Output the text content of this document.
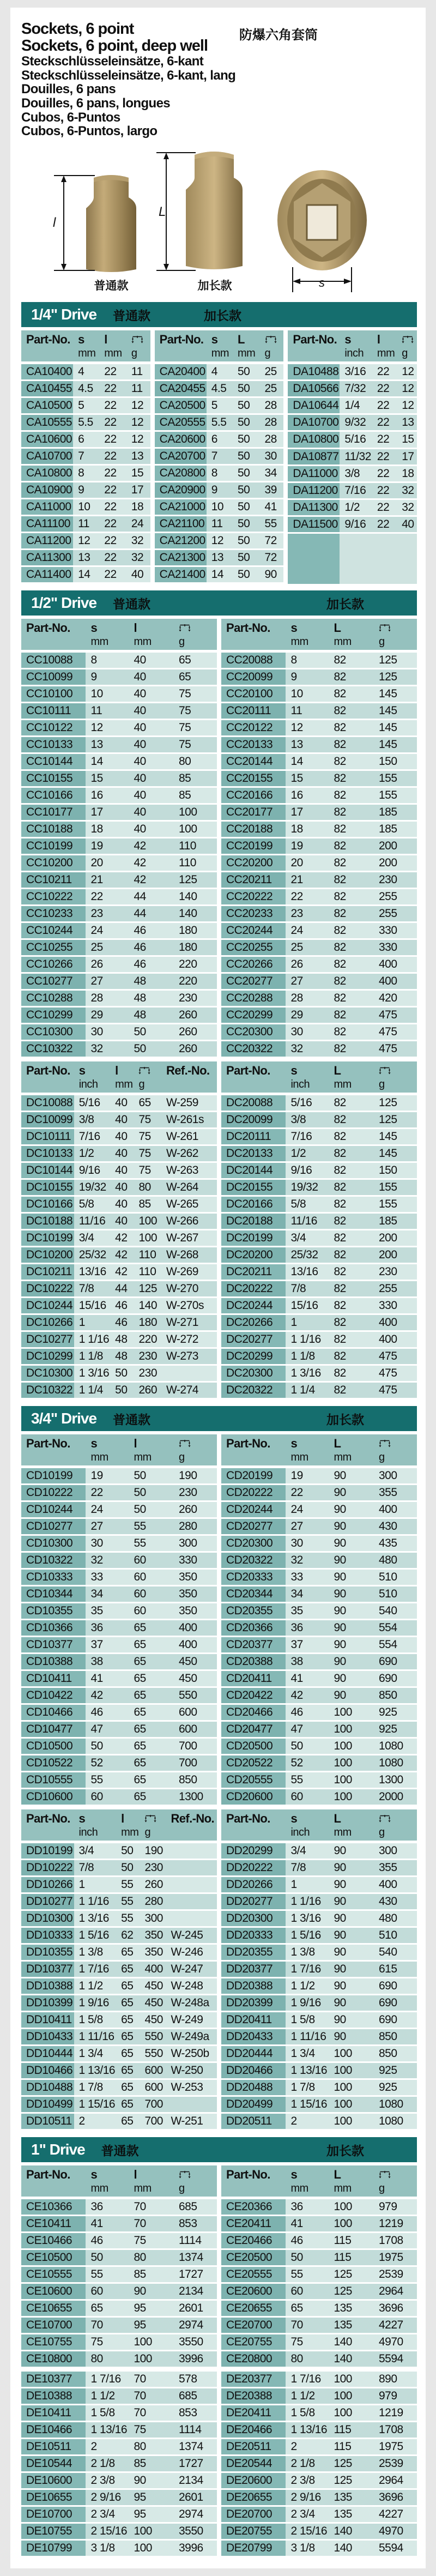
Sockets, 6 point
Sockets, 6 point, deep well
Steckschlüsseleinsätze, 6-kant
Steckschlüsseleinsätze, 6-kant, lang
Douilles, 6 pans
Douilles, 6 pans, longues
Cubos, 6-Puntos
Cubos, 6-Puntos, largo
防爆六角套筒
l
L
s
普通款	加长款
1/4" Drive 普通款	加长款
Part-No.	s
mm

l
mm	g

CA10400	4	22	11
CA10455	4.5	22	11
CA10500	5	22	12
CA10555	5.5	22	12
CA10600	6	22	12
CA10700	7	22	13
CA10800	8	22	15
CA10900	9	22	17
CA11000	10	22	18
CA11100	11	22	24
CA11200	12	22	32
CA11300	13	22	32
CA11400	14	22	40
Part-No.	s
mm

L
mm	g

CA20400	4	50	25
CA20455	4.5	50	25
CA20500	5	50	28
CA20555	5.5	50	28
CA20600	6	50	28
CA20700	7	50	30
CA20800	8	50	34
CA20900	9	50	39
CA21000	10	50	41
CA21100	11	50	55
CA21200	12	50	72
CA21300	13	50	72
CA21400	14	50	90
Part-No.	s
inch

l
mm	g

DA10488	3/16	22	12
DA10566	7/32	22	12
DA10644	1/4	22	12
DA10700	9/32	22	13
DA10800	5/16	22	15
DA10877	11/32	22	17
DA11000	3/8	22	18
DA11200	7/16	22	32
DA11300	1/2	22	32
DA11500	9/16	22	40

1/2" Drive 普通款	加长款
Part-No.	s
mm

l
mm	g

CC10088	8	40	65
CC10099	9	40	65
CC10100	10	40	75
CC10111	11	40	75
CC10122	12	40	75
CC10133	13	40	75
CC10144	14	40	80
CC10155	15	40	85
CC10166	16	40	85
CC10177	17	40	100
CC10188	18	40	100
CC10199	19	42	110
CC10200	20	42	110
CC10211	21	42	125
CC10222	22	44	140
CC10233	23	44	140
CC10244	24	46	180
CC10255	25	46	180
CC10266	26	46	220
CC10277	27	48	220
CC10288	28	48	230
CC10299	29	48	260
CC10300	30	50	260
CC10322	32	50	260
Part-No.	s
mm

L
mm	g

CC20088	8	82	125
CC20099	9	82	125
CC20100	10	82	145
CC20111	11	82	145
CC20122	12	82	145
CC20133	13	82	145
CC20144	14	82	150
CC20155	15	82	155
CC20166	16	82	155
CC20177	17	82	185
CC20188	18	82	185
CC20199	19	82	200
CC20200	20	82	200
CC20211	21	82	230
CC20222	22	82	255
CC20233	23	82	255
CC20244	24	82	330
CC20255	25	82	330
CC20266	26	82	400
CC20277	27	82	400
CC20288	28	82	420
CC20299	29	82	475
CC20300	30	82	475
CC20322	32	82	475
Part-No.	s
inch

l
mm	g

Ref.-No.

DC10088	5/16	40	65	W-259
DC10099	3/8	40	75	W-261s
DC10111	7/16	40	75	W-261
DC10133	1/2	40	75	W-262
DC10144	9/16	40	75	W-263
DC10155	19/32	40	80	W-264
DC10166	5/8	40	85	W-265
DC10188	11/16	40	100	W-266
DC10199	3/4	42	100	W-267
DC10200	25/32	42	110	W-268
DC10211	13/16	42	110	W-269
DC10222	7/8	44	125	W-270
DC10244	15/16	46	140	W-270s
DC10266	1	46	180	W-271
DC10277	1 1/16	48	220	W-272
DC10299	1 1/8	48	230	W-273
DC10300	1 3/16	50	230	
DC10322	1 1/4	50	260	W-274
Part-No.	s
inch

L
mm	g

DC20088	5/16	82	125
DC20099	3/8	82	125
DC20111	7/16	82	145
DC20133	1/2	82	145
DC20144	9/16	82	150
DC20155	19/32	82	155
DC20166	5/8	82	155
DC20188	11/16	82	185
DC20199	3/4	82	200
DC20200	25/32	82	200
DC20211	13/16	82	230
DC20222	7/8	82	255
DC20244	15/16	82	330
DC20266	1	82	400
DC20277	1 1/16	82	400
DC20299	1 1/8	82	475
DC20300	1 3/16	82	475
DC20322	1 1/4	82	475
3/4" Drive 普通款	加长款
Part-No.	s
mm

l
mm	g

CD10199	19	50	190
CD10222	22	50	230
CD10244	24	50	260
CD10277	27	55	280
CD10300	30	55	300
CD10322	32	60	330
CD10333	33	60	350
CD10344	34	60	350
CD10355	35	60	350
CD10366	36	65	400
CD10377	37	65	400
CD10388	38	65	450
CD10411	41	65	450
CD10422	42	65	550
CD10466	46	65	600
CD10477	47	65	600
CD10500	50	65	700
CD10522	52	65	700
CD10555	55	65	850
CD10600	60	65	1300
Part-No.	s
mm

L
mm	g

CD20199	19	90	300
CD20222	22	90	355
CD20244	24	90	400
CD20277	27	90	430
CD20300	30	90	435
CD20322	32	90	480
CD20333	33	90	510
CD20344	34	90	510
CD20355	35	90	540
CD20366	36	90	554
CD20377	37	90	554
CD20388	38	90	690
CD20411	41	90	690
CD20422	42	90	850
CD20466	46	100	925
CD20477	47	100	925
CD20500	50	100	1080
CD20522	52	100	1080
CD20555	55	100	1300
CD20600	60	100	2000
Part-No.	s
inch

l
mm	g

Ref.-No.

DD10199	3/4	50	190	
DD10222	7/8	50	230	
DD10266	1	55	260	
DD10277	1 1/16	55	280	
DD10300	1 3/16	55	300	
DD10333	1 5/16	62	350	W-245
DD10355	1 3/8	65	350	W-246
DD10377	1 7/16	65	400	W-247
DD10388	1 1/2	65	450	W-248
DD10399	1 9/16	65	450	W-248a
DD10411	1 5/8	65	450	W-249
DD10433	1 11/16	65	550	W-249a
DD10444	1 3/4	65	550	W-250b
DD10466	1 13/16	65	600	W-250
DD10488	1 7/8	65	600	W-253
DD10499	1 15/16	65	700	
DD10511	2	65	700	W-251
Part-No.	s
inch

L
mm	g

DD20299	3/4	90	300
DD20222	7/8	90	355
DD20266	1	90	400
DD20277	1 1/16	90	430
DD20300	1 3/16	90	480
DD20333	1 5/16	90	510
DD20355	1 3/8	90	540
DD20377	1 7/16	90	615
DD20388	1 1/2	90	690
DD20399	1 9/16	90	690
DD20411	1 5/8	90	690
DD20433	1 11/16	90	850
DD20444	1 3/4	100	850
DD20466	1 13/16	100	925
DD20488	1 7/8	100	925
DD20499	1 15/16	100	1080
DD20511	2	100	1080
1" Drive 普通款	加长款
Part-No.	s
mm

l
mm	g

CE10366	36	70	685
CE10411	41	70	853
CE10466	46	75	1114
CE10500	50	80	1374
CE10555	55	85	1727
CE10600	60	90	2134
CE10655	65	95	2601
CE10700	70	95	2974
CE10755	75	100	3550
CE10800	80	100	3996
Part-No.	s
mm

L
mm	g

CE20366	36	100	979
CE20411	41	100	1219
CE20466	46	115	1708
CE20500	50	115	1975
CE20555	55	125	2539
CE20600	60	125	2964
CE20655	65	135	3696
CE20700	70	135	4227
CE20755	75	140	4970
CE20800	80	140	5594
DE10377	1 7/16	70	578
DE10388	1 1/2	70	685
DE10411	1 5/8	70	853
DE10466	1 13/16	75	1114
DE10511	2	80	1374
DE10544	2 1/8	85	1727
DE10600	2 3/8	90	2134
DE10655	2 9/16	95	2601
DE10700	2 3/4	95	2974
DE10755	2 15/16	100	3550
DE10799	3 1/8	100	3996
DE20377	1 7/16	100	890
DE20388	1 1/2	100	979
DE20411	1 5/8	100	1219
DE20466	1 13/16	115	1708
DE20511	2	115	1975
DE20544	2 1/8	125	2539
DE20600	2 3/8	125	2964
DE20655	2 9/16	135	3696
DE20700	2 3/4	135	4227
DE20755	2 15/16	140	4970
DE20799	3 1/8	140	5594
